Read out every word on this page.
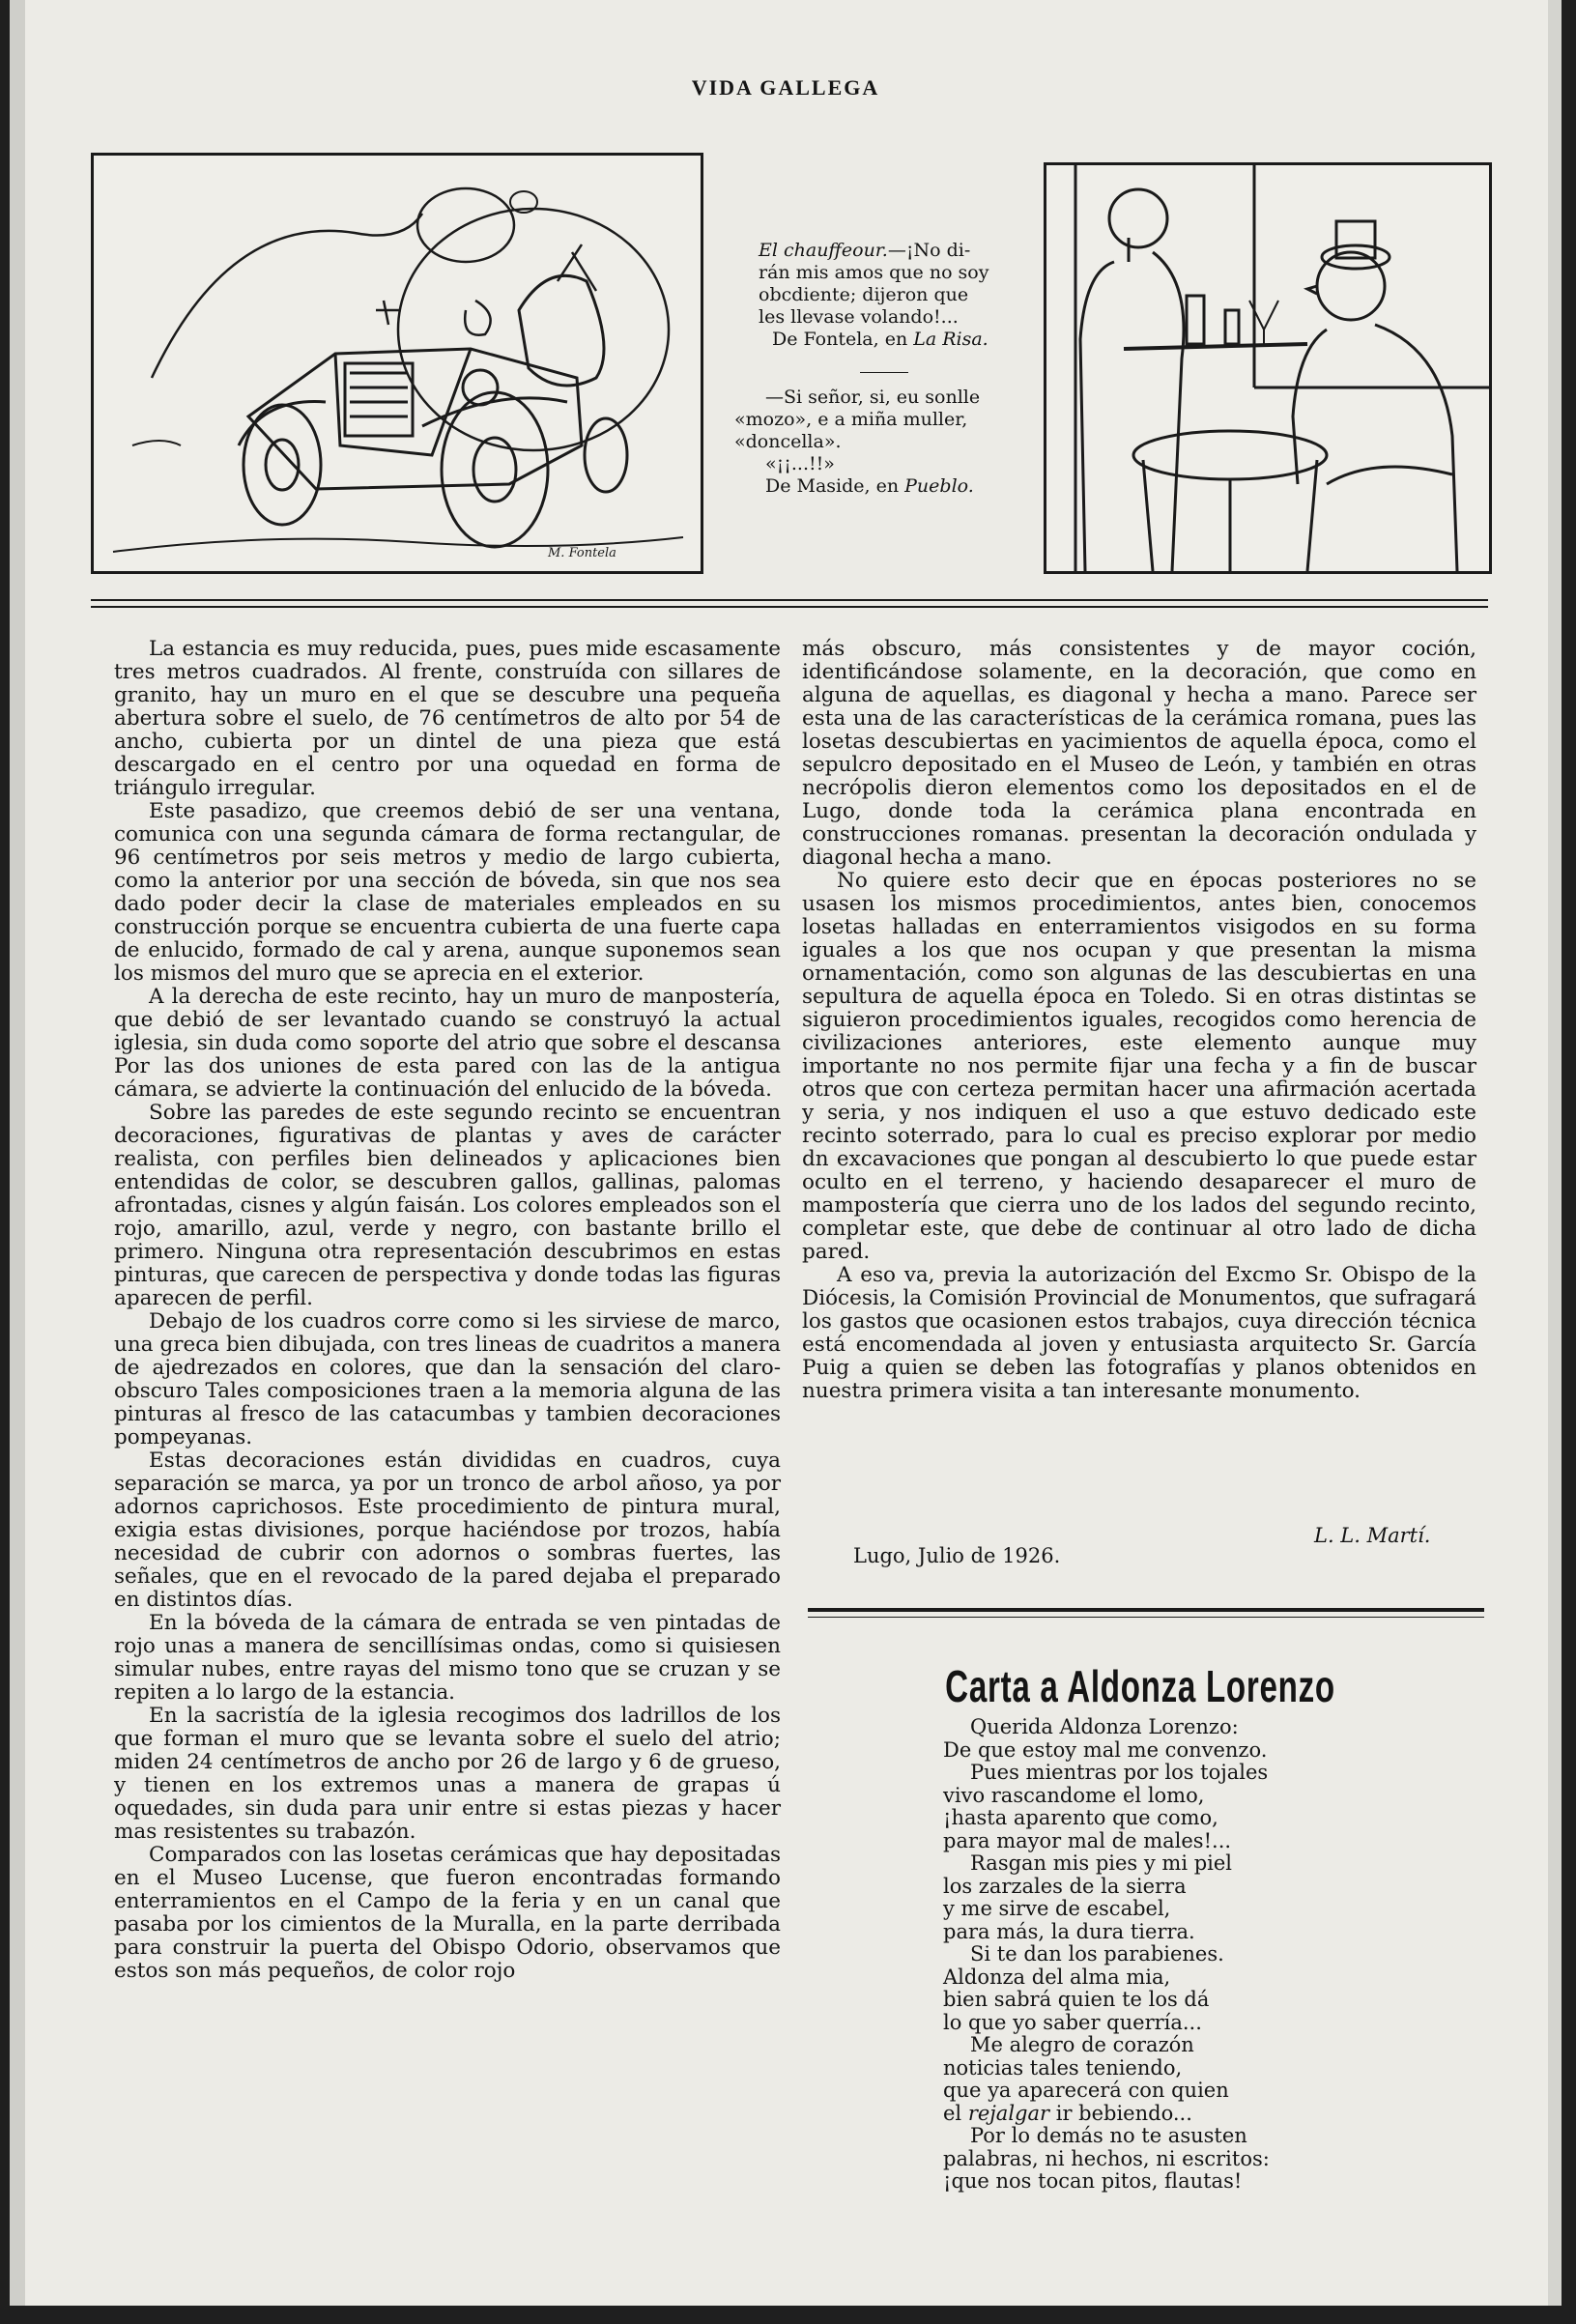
VIDA GALLEGA
M. Fontela
El chauffeour.—¡No di-
rán mis amos que no soy
obcdiente; dijeron que
les llevase volando!...
De Fontela, en La Risa.
—Si señor, si, eu sonlle
«mozo», e a miña muller,
«doncella».
«¡¡...!!»
De Maside, en Pueblo.

La estancia es muy reducida, pues, pues mide escasamente tres metros cuadrados. Al frente, construída con sillares de granito, hay un muro en el que se descubre una pequeña abertura sobre el suelo, de 76 centímetros de alto por 54 de ancho, cubierta por un dintel de una pieza que está descargado en el centro por una oquedad en forma de triángulo irregular.

Este pasadizo, que creemos debió de ser una ventana, comunica con una segunda cámara de forma rectangular, de 96 centímetros por seis metros y medio de largo cubierta, como la anterior por una sección de bóveda, sin que nos sea dado poder decir la clase de materiales empleados en su construcción porque se encuentra cubierta de una fuerte capa de enlucido, formado de cal y arena, aunque suponemos sean los mismos del muro que se aprecia en el exterior.

A la derecha de este recinto, hay un muro de manpostería, que debió de ser levantado cuando se construyó la actual iglesia, sin duda como soporte del atrio que sobre el descansa Por las dos uniones de esta pared con las de la antigua cámara, se advierte la continuación del enlucido de la bóveda.

Sobre las paredes de este segundo recinto se encuentran decoraciones, figurativas de plantas y aves de carácter realista, con perfiles bien delineados y aplicaciones bien entendidas de color, se descubren gallos, gallinas, palomas afrontadas, cisnes y algún faisán. Los colores empleados son el rojo, amarillo, azul, verde y negro, con bastante brillo el primero. Ninguna otra representación descubrimos en estas pinturas, que carecen de perspectiva y donde todas las figuras aparecen de perfil.

Debajo de los cuadros corre como si les sirviese de marco, una greca bien dibujada, con tres lineas de cuadritos a manera de ajedrezados en colores, que dan la sensación del claro-obscuro Tales composiciones traen a la memoria alguna de las pinturas al fresco de las catacumbas y tambien decoraciones pompeyanas.

Estas decoraciones están divididas en cuadros, cuya separación se marca, ya por un tronco de arbol añoso, ya por adornos caprichosos. Este procedimiento de pintura mural, exigia estas divisiones, porque haciéndose por trozos, había necesidad de cubrir con adornos o sombras fuertes, las señales, que en el revocado de la pared dejaba el preparado en distintos días.

En la bóveda de la cámara de entrada se ven pintadas de rojo unas a manera de sencillísimas ondas, como si quisiesen simular nubes, entre rayas del mismo tono que se cruzan y se repiten a lo largo de la estancia.

En la sacristía de la iglesia recogimos dos ladrillos de los que forman el muro que se levanta sobre el suelo del atrio; miden 24 centímetros de ancho por 26 de largo y 6 de grueso, y tienen en los extremos unas a manera de grapas ú oquedades, sin duda para unir entre si estas piezas y hacer mas resistentes su trabazón.

Comparados con las losetas cerámicas que hay depositadas en el Museo Lucense, que fueron encontradas formando enterramientos en el Campo de la feria y en un canal que pasaba por los cimientos de la Muralla, en la parte derribada para construir la puerta del Obispo Odorio, observamos que estos son más pequeños, de color rojo

más obscuro, más consistentes y de mayor coción, identificándose solamente, en la decoración, que como en alguna de aquellas, es diagonal y hecha a mano. Parece ser esta una de las características de la cerámica romana, pues las losetas descubiertas en yacimientos de aquella época, como el sepulcro depositado en el Museo de León, y también en otras necrópolis dieron elementos como los depositados en el de Lugo, donde toda la cerámica plana encontrada en construcciones romanas. presentan la decoración ondulada y diagonal hecha a mano.

No quiere esto decir que en épocas posteriores no se usasen los mismos procedimientos, antes bien, conocemos losetas halladas en enterramientos visigodos en su forma iguales a los que nos ocupan y que presentan la misma ornamentación, como son algunas de las descubiertas en una sepultura de aquella época en Toledo. Si en otras distintas se siguieron procedimientos iguales, recogidos como herencia de civilizaciones anteriores, este elemento aunque muy importante no nos permite fijar una fecha y a fin de buscar otros que con certeza permitan hacer una afirmación acertada y seria, y nos indiquen el uso a que estuvo dedicado este recinto soterrado, para lo cual es preciso explorar por medio dn excavaciones que pongan al descubierto lo que puede estar oculto en el terreno, y haciendo desaparecer el muro de mampostería que cierra uno de los lados del segundo recinto, completar este, que debe de continuar al otro lado de dicha pared.

A eso va, previa la autorización del Excmo Sr. Obispo de la Diócesis, la Comisión Provincial de Monumentos, que sufragará los gastos que ocasionen estos trabajos, cuya dirección técnica está encomendada al joven y entusiasta arquitecto Sr. García Puig a quien se deben las fotografías y planos obtenidos en nuestra primera visita a tan interesante monumento.

L. L. Martí.
Lugo, Julio de 1926.
Carta a Aldonza Lorenzo
Querida Aldonza Lorenzo:
De que estoy mal me convenzo.
Pues mientras por los tojales
vivo rascandome el lomo,
¡hasta aparento que como,
para mayor mal de males!...
Rasgan mis pies y mi piel
los zarzales de la sierra
y me sirve de escabel,
para más, la dura tierra.
Si te dan los parabienes.
Aldonza del alma mia,
bien sabrá quien te los dá
lo que yo saber querría...
Me alegro de corazón
noticias tales teniendo,
que ya aparecerá con quien
el rejalgar ir bebiendo...
Por lo demás no te asusten
palabras, ni hechos, ni escritos:
¡que nos tocan pitos, flautas!
